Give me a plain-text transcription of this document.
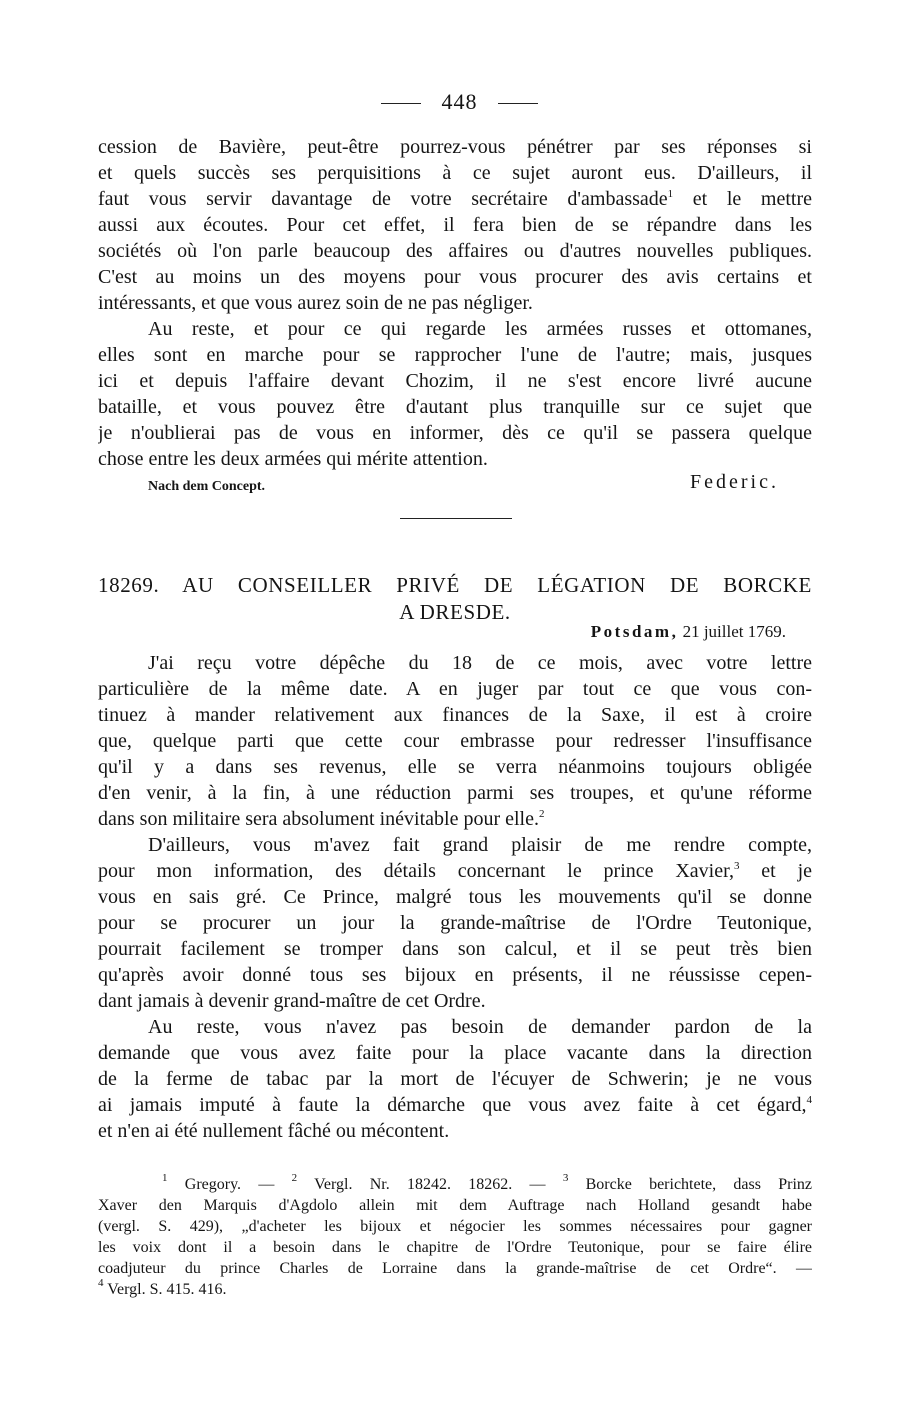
448
cession de Bavière, peut-être pourrez-vous pénétrer par ses réponses si
et quels succès ses perquisitions à ce sujet auront eus. D'ailleurs, il
faut vous servir davantage de votre secrétaire d'ambassade$^1$ et le mettre
aussi aux écoutes. Pour cet effet, il fera bien de se répandre dans les
sociétés où l'on parle beaucoup des affaires ou d'autres nouvelles publiques.
C'est au moins un des moyens pour vous procurer des avis certains et
intéressants, et que vous aurez soin de ne pas négliger.
Au reste, et pour ce qui regarde les armées russes et ottomanes,
elles sont en marche pour se rapprocher l'une de l'autre; mais, jusques
ici et depuis l'affaire devant Chozim, il ne s'est encore livré aucune
bataille, et vous pouvez être d'autant plus tranquille sur ce sujet que
je n'oublierai pas de vous en informer, dès ce qu'il se passera quelque
chose entre les deux armées qui mérite attention.
Nach dem Concept.	Federic.
18269. AU CONSEILLER PRIVÉ DE LÉGATION DE BORCKE
A DRESDE.
Potsdam, 21 juillet 1769.
J'ai reçu votre dépêche du 18 de ce mois, avec votre lettre
particulière de la même date. A en juger par tout ce que vous con-
tinuez à mander relativement aux finances de la Saxe, il est à croire
que, quelque parti que cette cour embrasse pour redresser l'insuffisance
qu'il y a dans ses revenus, elle se verra néanmoins toujours obligée
d'en venir, à la fin, à une réduction parmi ses troupes, et qu'une réforme
dans son militaire sera absolument inévitable pour elle.$^2$
D'ailleurs, vous m'avez fait grand plaisir de me rendre compte,
pour mon information, des détails concernant le prince Xavier,$^3$ et je
vous en sais gré. Ce Prince, malgré tous les mouvements qu'il se donne
pour se procurer un jour la grande-maîtrise de l'Ordre Teutonique,
pourrait facilement se tromper dans son calcul, et il se peut très bien
qu'après avoir donné tous ses bijoux en présents, il ne réussisse cepen-
dant jamais à devenir grand-maître de cet Ordre.
Au reste, vous n'avez pas besoin de demander pardon de la
demande que vous avez faite pour la place vacante dans la direction
de la ferme de tabac par la mort de l'écuyer de Schwerin; je ne vous
ai jamais imputé à faute la démarche que vous avez faite à cet égard,$^4$
et n'en ai été nullement fâché ou mécontent.
$^1$ Gregory. — $^2$ Vergl. Nr. 18242. 18262. — $^3$ Borcke berichtete, dass Prinz
Xaver den Marquis d'Agdolo allein mit dem Auftrage nach Holland gesandt habe
(vergl. S. 429), „d'acheter les bijoux et négocier les sommes nécessaires pour gagner
les voix dont il a besoin dans le chapitre de l'Ordre Teutonique, pour se faire élire
coadjuteur du prince Charles de Lorraine dans la grande-maîtrise de cet Ordre“. —
$^4$ Vergl. S. 415. 416.
